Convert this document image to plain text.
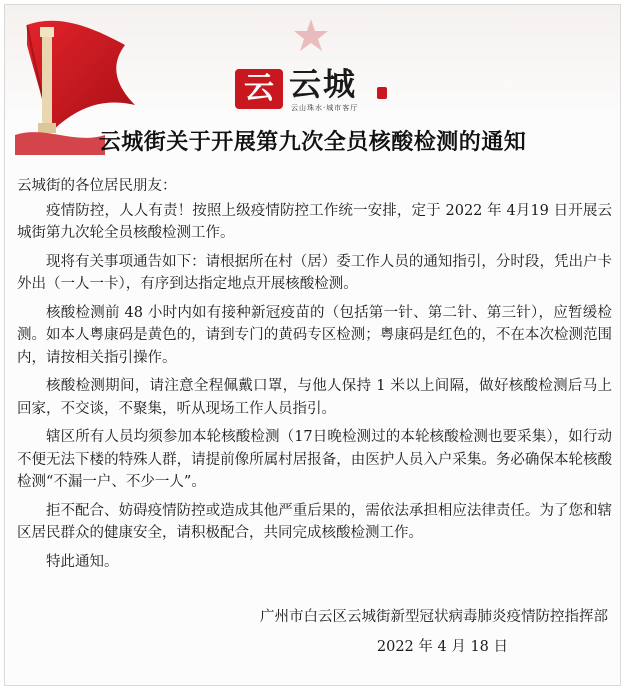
云 云城
云山珠水·城市客厅
云城街关于开展第九次全员核酸检测的通知

云城街的各位居民朋友：

疫情防控，人人有责！按照上级疫情防控工作统一安排，定于 2022 年 4月19 日开展云城街第九次轮全员核酸检测工作。

现将有关事项通告如下：请根据所在村（居）委工作人员的通知指引，分时段，凭出户卡外出（一人一卡），有序到达指定地点开展核酸检测。

核酸检测前 48 小时内如有接种新冠疫苗的（包括第一针、第二针、第三针），应暂缓检测。如本人粤康码是黄色的，请到专门的黄码专区检测；粤康码是红色的，不在本次检测范围内，请按相关指引操作。

核酸检测期间，请注意全程佩戴口罩，与他人保持 1 米以上间隔，做好核酸检测后马上回家，不交谈，不聚集，听从现场工作人员指引。

辖区所有人员均须参加本轮核酸检测（17日晚检测过的本轮核酸检测也要采集），如行动不便无法下楼的特殊人群，请提前像所属村居报备，由医护人员入户采集。务必确保本轮核酸检测“不漏一户、不少一人”。

拒不配合、妨碍疫情防控或造成其他严重后果的，需依法承担相应法律责任。为了您和辖区居民群众的健康安全，请积极配合，共同完成核酸检测工作。

特此通知。

广州市白云区云城街新型冠状病毒肺炎疫情防控指挥部
2022 年 4 月 18 日
